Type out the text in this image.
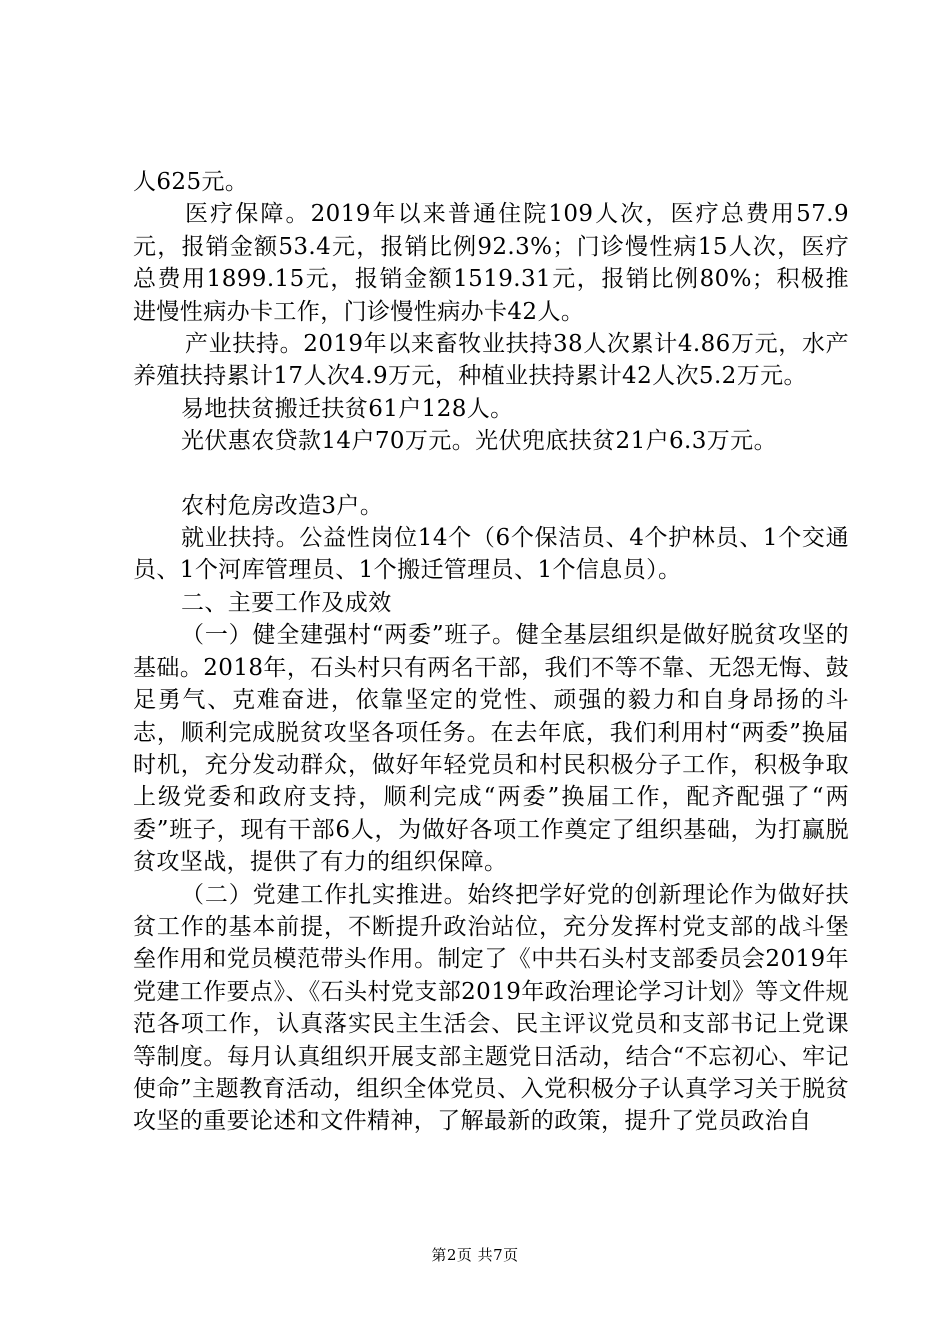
人625元。

医疗保障。2019年以来普通住院109人次，医疗总费用57.9元，报销金额53.4元，报销比例92.3%；门诊慢性病15人次，医疗总费用1899.15元，报销金额1519.31元，报销比例80%；积极推进慢性病办卡工作，门诊慢性病办卡42人。

产业扶持。2019年以来畜牧业扶持38人次累计4.86万元，水产养殖扶持累计17人次4.9万元，种植业扶持累计42人次5.2万元。

易地扶贫搬迁扶贫61户128人。

光伏惠农贷款14户70万元。光伏兜底扶贫21户6.3万元。

农村危房改造3户。

就业扶持。公益性岗位14个（6个保洁员、4个护林员、1个交通员、1个河库管理员、1个搬迁管理员、1个信息员）。

二、主要工作及成效

（一）健全建强村“两委”班子。健全基层组织是做好脱贫攻坚的基础。2018年，石头村只有两名干部，我们不等不靠、无怨无悔、鼓足勇气、克难奋进，依靠坚定的党性、顽强的毅力和自身昂扬的斗志，顺利完成脱贫攻坚各项任务。在去年底，我们利用村“两委”换届时机，充分发动群众，做好年轻党员和村民积极分子工作，积极争取上级党委和政府支持，顺利完成“两委”换届工作，配齐配强了“两委”班子，现有干部6人，为做好各项工作奠定了组织基础，为打赢脱贫攻坚战，提供了有力的组织保障。

（二）党建工作扎实推进。始终把学好党的创新理论作为做好扶贫工作的基本前提，不断提升政治站位，充分发挥村党支部的战斗堡垒作用和党员模范带头作用。制定了《中共石头村支部委员会2019年党建工作要点》、《石头村党支部2019年政治理论学习计划》等文件规范各项工作，认真落实民主生活会、民主评议党员和支部书记上党课等制度。每月认真组织开展支部主题党日活动，结合“不忘初心、牢记使命”主题教育活动，组织全体党员、入党积极分子认真学习关于脱贫攻坚的重要论述和文件精神，了解最新的政策，提升了党员政治自

第2页 共7页
